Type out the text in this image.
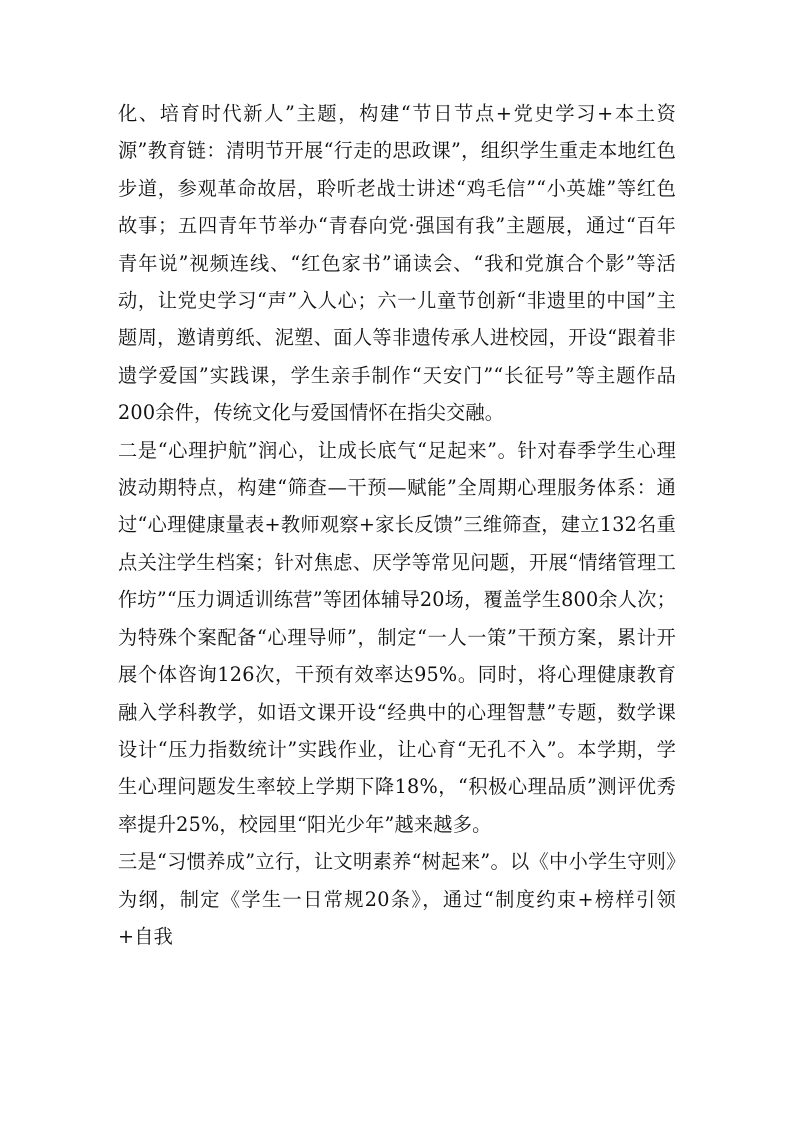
化、培育时代新人”主题，构建“节日节点+党史学习+本土资源”教育链：清明节开展“行走的思政课”，组织学生重走本地红色步道，参观革命故居，聆听老战士讲述“鸡毛信”“小英雄”等红色故事；五四青年节举办“青春向党·强国有我”主题展，通过“百年青年说”视频连线、“红色家书”诵读会、“我和党旗合个影”等活动，让党史学习“声”入人心；六一儿童节创新“非遗里的中国”主题周，邀请剪纸、泥塑、面人等非遗传承人进校园，开设“跟着非遗学爱国”实践课，学生亲手制作“天安门”“长征号”等主题作品200余件，传统文化与爱国情怀在指尖交融。

二是“心理护航”润心，让成长底气“足起来”。针对春季学生心理波动期特点，构建“筛查—干预—赋能”全周期心理服务体系：通过“心理健康量表+教师观察+家长反馈”三维筛查，建立132名重点关注学生档案；针对焦虑、厌学等常见问题，开展“情绪管理工作坊”“压力调适训练营”等团体辅导20场，覆盖学生800余人次；为特殊个案配备“心理导师”，制定“一人一策”干预方案，累计开展个体咨询126次，干预有效率达95%。同时，将心理健康教育融入学科教学，如语文课开设“经典中的心理智慧”专题，数学课设计“压力指数统计”实践作业，让心育“无孔不入”。本学期，学生心理问题发生率较上学期下降18%，“积极心理品质”测评优秀率提升25%，校园里“阳光少年”越来越多。

三是“习惯养成”立行，让文明素养“树起来”。以《中小学生守则》为纲，制定《学生一日常规20条》，通过“制度约束+榜样引领+自我
